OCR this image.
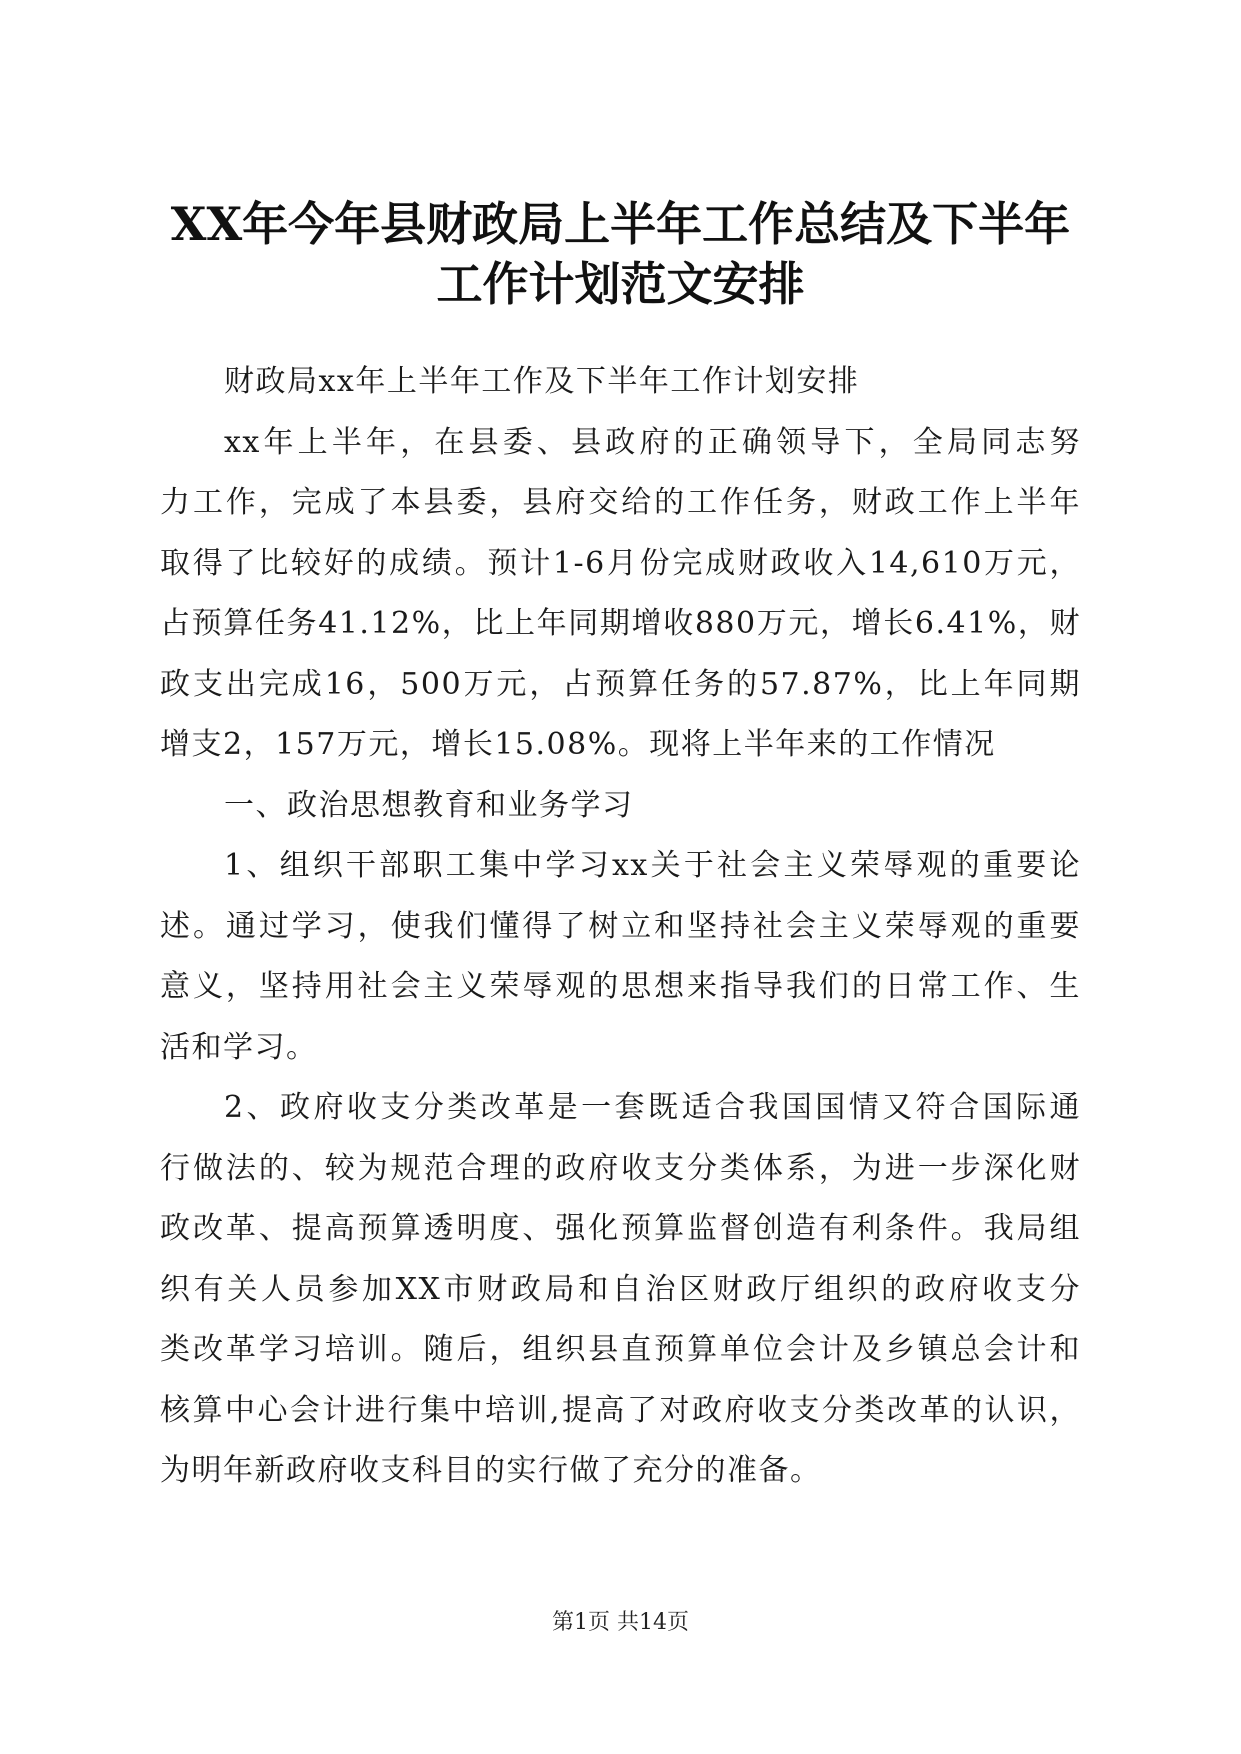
XX年今年县财政局上半年工作总结及下半年
工作计划范文安排

财政局xx年上半年工作及下半年工作计划安排

xx年上半年，在县委、县政府的正确领导下，全局同志努
力工作，完成了本县委，县府交给的工作任务，财政工作上半年
取得了比较好的成绩。预计1-6月份完成财政收入14,610万元，
占预算任务41.12%，比上年同期增收880万元，增长6.41%，财
政支出完成16，500万元，占预算任务的57.87%，比上年同期
增支2，157万元，增长15.08%。现将上半年来的工作情况

一、政治思想教育和业务学习

1、组织干部职工集中学习xx关于社会主义荣辱观的重要论
述。通过学习，使我们懂得了树立和坚持社会主义荣辱观的重要
意义，坚持用社会主义荣辱观的思想来指导我们的日常工作、生
活和学习。

2、政府收支分类改革是一套既适合我国国情又符合国际通
行做法的、较为规范合理的政府收支分类体系，为进一步深化财
政改革、提高预算透明度、强化预算监督创造有利条件。我局组
织有关人员参加XX市财政局和自治区财政厅组织的政府收支分
类改革学习培训。随后，组织县直预算单位会计及乡镇总会计和
核算中心会计进行集中培训,提高了对政府收支分类改革的认识，
为明年新政府收支科目的实行做了充分的准备。

第1页 共14页
